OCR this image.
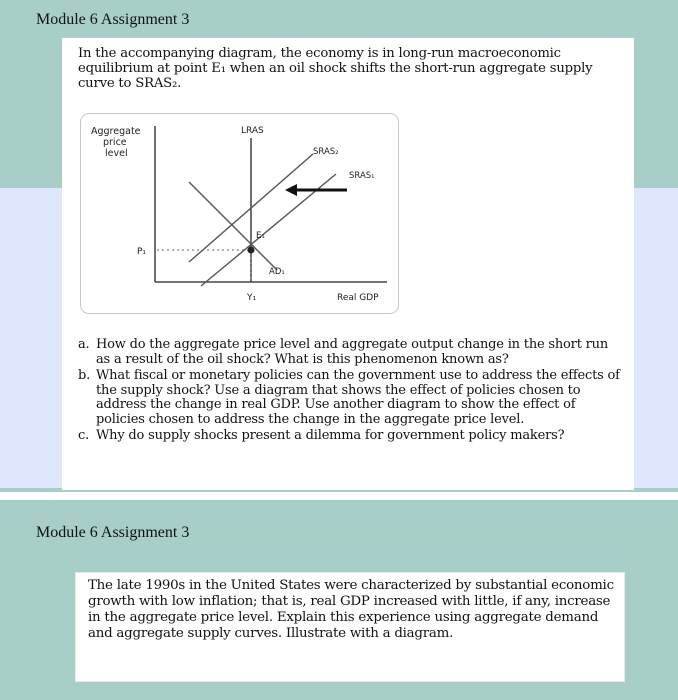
Module 6 Assignment 3
In the accompanying diagram, the economy is in long-run macroeconomic equilibrium at point E₁ when an oil shock shifts the short-run aggregate supply curve to SRAS₂.
Aggregate
price
level
LRAS
SRAS₂
SRAS₁
E₁
AD₁
P₁
Y₁	Real GDP
a. How do the aggregate price level and aggregate output change in the short run as a result of the oil shock? What is this phenomenon known as?
b. What fiscal or monetary policies can the government use to address the effects of the supply shock? Use a diagram that shows the effect of policies chosen to address the change in real GDP. Use another diagram to show the effect of policies chosen to address the change in the aggregate price level.
c. Why do supply shocks present a dilemma for government policy makers?
Module 6 Assignment 3
The late 1990s in the United States were characterized by substantial economic growth with low inflation; that is, real GDP increased with little, if any, increase in the aggregate price level. Explain this experience using aggregate demand and aggregate supply curves. Illustrate with a diagram.
